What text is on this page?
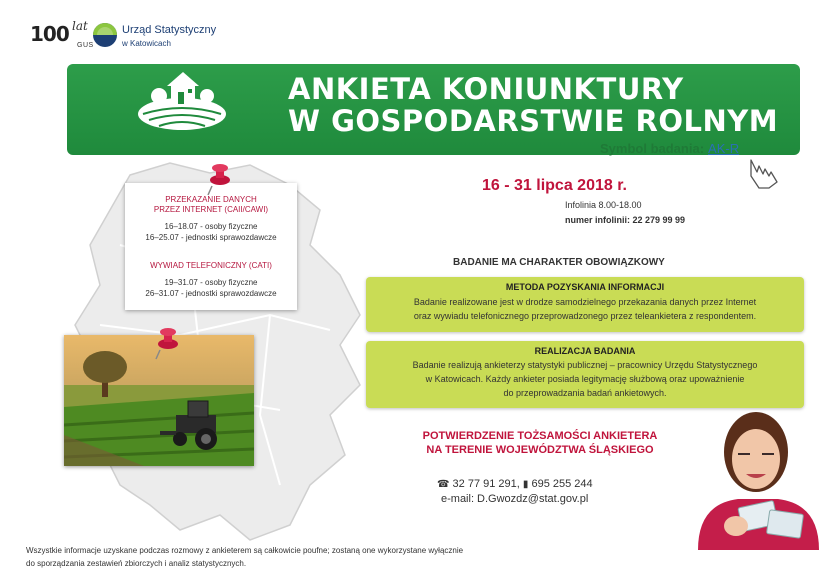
100 lat
GUS
Urząd Statystyczny
w Katowicach
ANKIETA KONIUNKTURY
W GOSPODARSTWIE ROLNYM
Symbol badania: AK-R
PRZEKAZANIE DANYCH
PRZEZ INTERNET (CAII/CAWI)
16–18.07 - osoby fizyczne
16–25.07 - jednostki sprawozdawcze
WYWIAD TELEFONICZNY (CATI)
19–31.07 - osoby fizyczne
26–31.07 - jednostki sprawozdawcze
16 - 31 lipca 2018 r.
Infolinia 8.00-18.00
numer infolinii: 22 279 99 99
BADANIE MA CHARAKTER OBOWIĄZKOWY
METODA POZYSKANIA INFORMACJI
Badanie realizowane jest w drodze samodzielnego przekazania danych przez Internet
oraz wywiadu telefonicznego przeprowadzonego przez teleankietera z respondentem.
REALIZACJA BADANIA
Badanie realizują ankieterzy statystyki publicznej – pracownicy Urzędu Statystycznego
w Katowicach. Każdy ankieter posiada legitymację służbową oraz upoważnienie
do przeprowadzania badań ankietowych.
POTWIERDZENIE TOŻSAMOŚCI ANKIETERA
NA TERENIE WOJEWÓDZTWA ŚLĄSKIEGO
☎ 32 77 91 291, ▮ 695 255 244
e-mail: D.Gwozdz@stat.gov.pl
Wszystkie informacje uzyskane podczas rozmowy z ankieterem są całkowicie poufne; zostaną one wykorzystane wyłącznie
do sporządzania zestawień zbiorczych i analiz statystycznych.
